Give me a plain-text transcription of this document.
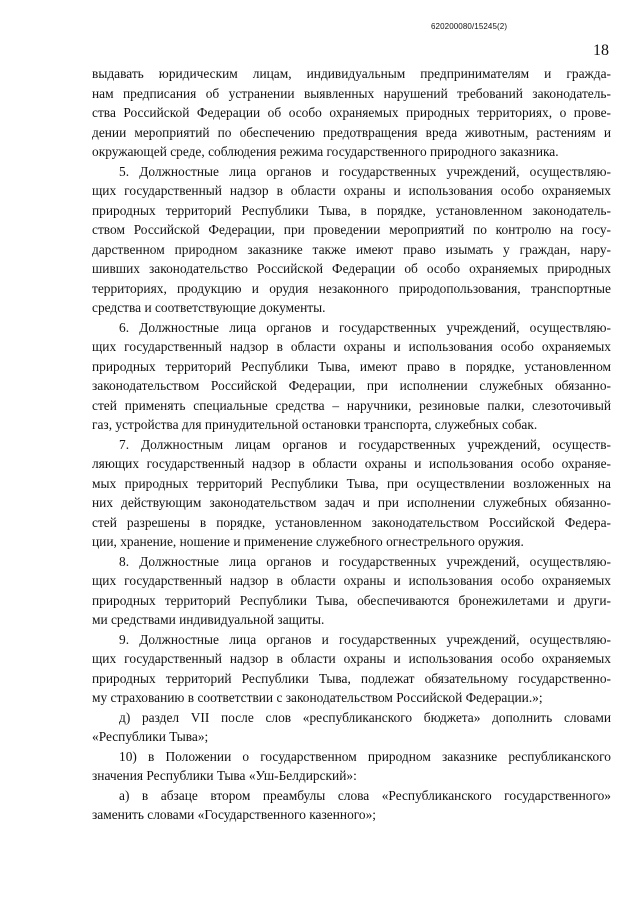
620200080/15245(2)
18
выдавать юридическим лицам, индивидуальным предпринимателям и гражда-
нам предписания об устранении выявленных нарушений требований законодатель-
ства Российской Федерации об особо охраняемых природных территориях, о прове-
дении мероприятий по обеспечению предотвращения вреда животным, растениям и
окружающей среде, соблюдения режима государственного природного заказника.
5. Должностные лица органов и государственных учреждений, осуществляю-
щих государственный надзор в области охраны и использования особо охраняемых
природных территорий Республики Тыва, в порядке, установленном законодатель-
ством Российской Федерации, при проведении мероприятий по контролю на госу-
дарственном природном заказнике также имеют право изымать у граждан, нару-
шивших законодательство Российской Федерации об особо охраняемых природных
территориях, продукцию и орудия незаконного природопользования, транспортные
средства и соответствующие документы.
6. Должностные лица органов и государственных учреждений, осуществляю-
щих государственный надзор в области охраны и использования особо охраняемых
природных территорий Республики Тыва, имеют право в порядке, установленном
законодательством Российской Федерации, при исполнении служебных обязанно-
стей применять специальные средства – наручники, резиновые палки, слезоточивый
газ, устройства для принудительной остановки транспорта, служебных собак.
7. Должностным лицам органов и государственных учреждений, осуществ-
ляющих государственный надзор в области охраны и использования особо охраняе-
мых природных территорий Республики Тыва, при осуществлении возложенных на
них действующим законодательством задач и при исполнении служебных обязанно-
стей разрешены в порядке, установленном законодательством Российской Федера-
ции, хранение, ношение и применение служебного огнестрельного оружия.
8. Должностные лица органов и государственных учреждений, осуществляю-
щих государственный надзор в области охраны и использования особо охраняемых
природных территорий Республики Тыва, обеспечиваются бронежилетами и други-
ми средствами индивидуальной защиты.
9. Должностные лица органов и государственных учреждений, осуществляю-
щих государственный надзор в области охраны и использования особо охраняемых
природных территорий Республики Тыва, подлежат обязательному государственно-
му страхованию в соответствии с законодательством Российской Федерации.»;
д) раздел VII после слов «республиканского бюджета» дополнить словами
«Республики Тыва»;
10) в Положении о государственном природном заказнике республиканского
значения Республики Тыва «Уш-Белдирский»:
а) в абзаце втором преамбулы слова «Республиканского государственного»
заменить словами «Государственного казенного»;
